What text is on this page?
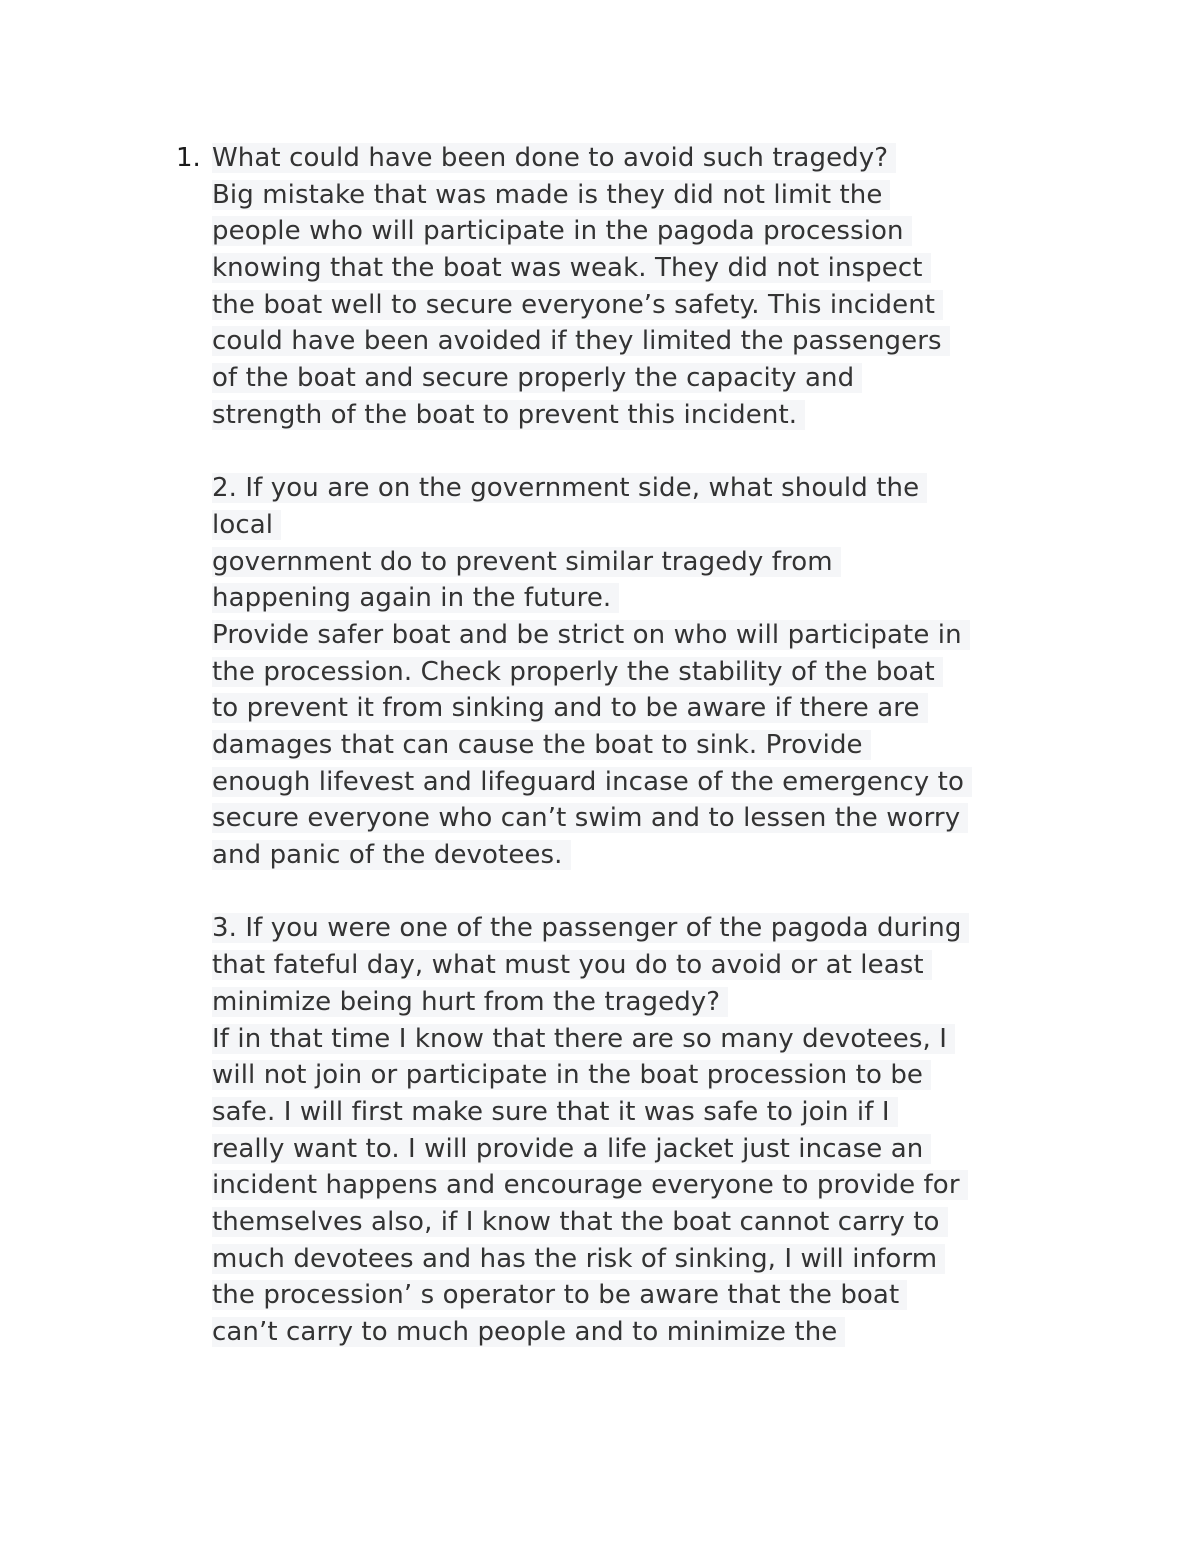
1. What could have been done to avoid such tragedy?
Big mistake that was made is they did not limit the
people who will participate in the pagoda procession
knowing that the boat was weak. They did not inspect
the boat well to secure everyone’s safety. This incident
could have been avoided if they limited the passengers
of the boat and secure properly the capacity and
strength of the boat to prevent this incident.
2. If you are on the government side, what should the
local
government do to prevent similar tragedy from
happening again in the future.
Provide safer boat and be strict on who will participate in
the procession. Check properly the stability of the boat
to prevent it from sinking and to be aware if there are
damages that can cause the boat to sink. Provide
enough lifevest and lifeguard incase of the emergency to
secure everyone who can’t swim and to lessen the worry
and panic of the devotees.
3. If you were one of the passenger of the pagoda during
that fateful day, what must you do to avoid or at least
minimize being hurt from the tragedy?
If in that time I know that there are so many devotees, I
will not join or participate in the boat procession to be
safe. I will first make sure that it was safe to join if I
really want to. I will provide a life jacket just incase an
incident happens and encourage everyone to provide for
themselves also, if I know that the boat cannot carry to
much devotees and has the risk of sinking, I will inform
the procession’ s operator to be aware that the boat
can’t carry to much people and to minimize the
